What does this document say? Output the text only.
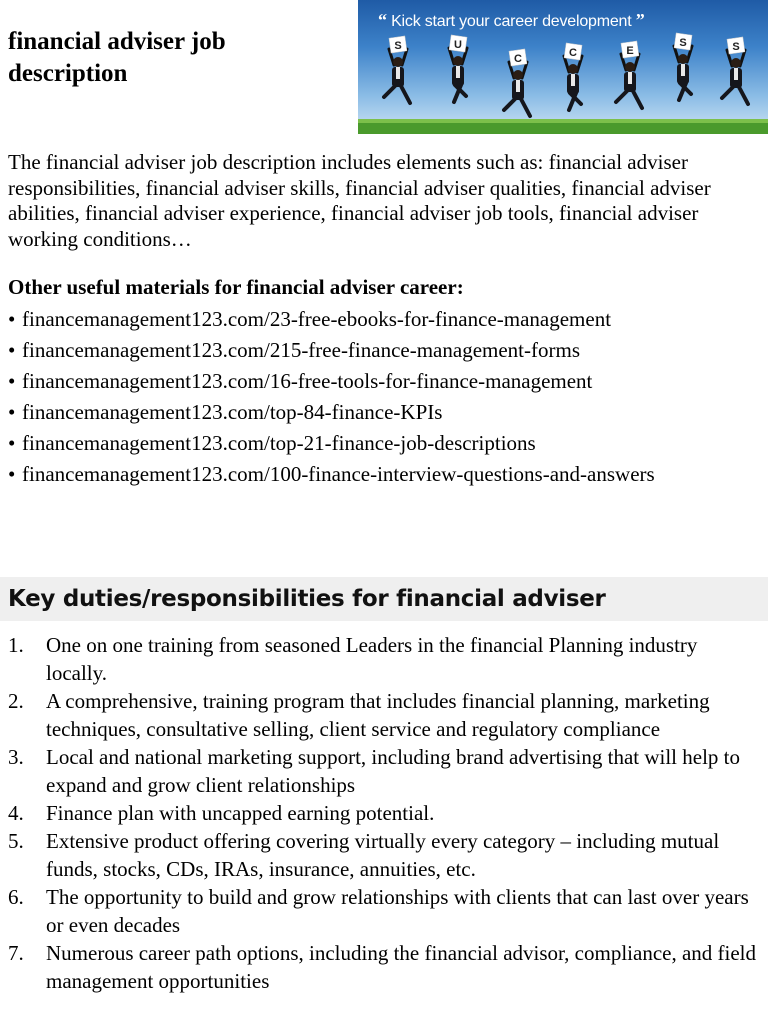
financial adviser job description
S	U
C	C	E
S	S
“ Kick start your career development ”

The financial adviser job description includes elements such as: financial adviser responsibilities, financial adviser skills, financial adviser qualities, financial adviser abilities, financial adviser experience, financial adviser job tools, financial adviser working conditions…

Other useful materials for financial adviser career:

• financemanagement123.com/23-free-ebooks-for-finance-management
• financemanagement123.com/215-free-finance-management-forms
• financemanagement123.com/16-free-tools-for-finance-management
• financemanagement123.com/top-84-finance-KPIs
• financemanagement123.com/top-21-finance-job-descriptions
• financemanagement123.com/100-finance-interview-questions-and-answers
Key duties/responsibilities for financial adviser
1.	One on one training from seasoned Leaders in the financial Planning industry locally.
2.	A comprehensive, training program that includes financial planning, marketing techniques, consultative selling, client service and regulatory compliance
3.	Local and national marketing support, including brand advertising that will help to expand and grow client relationships
4.	Finance plan with uncapped earning potential.
5.	Extensive product offering covering virtually every category – including mutual funds, stocks, CDs, IRAs, insurance, annuities, etc.
6.	The opportunity to build and grow relationships with clients that can last over years or even decades
7.	Numerous career path options, including the financial advisor, compliance, and field management opportunities
